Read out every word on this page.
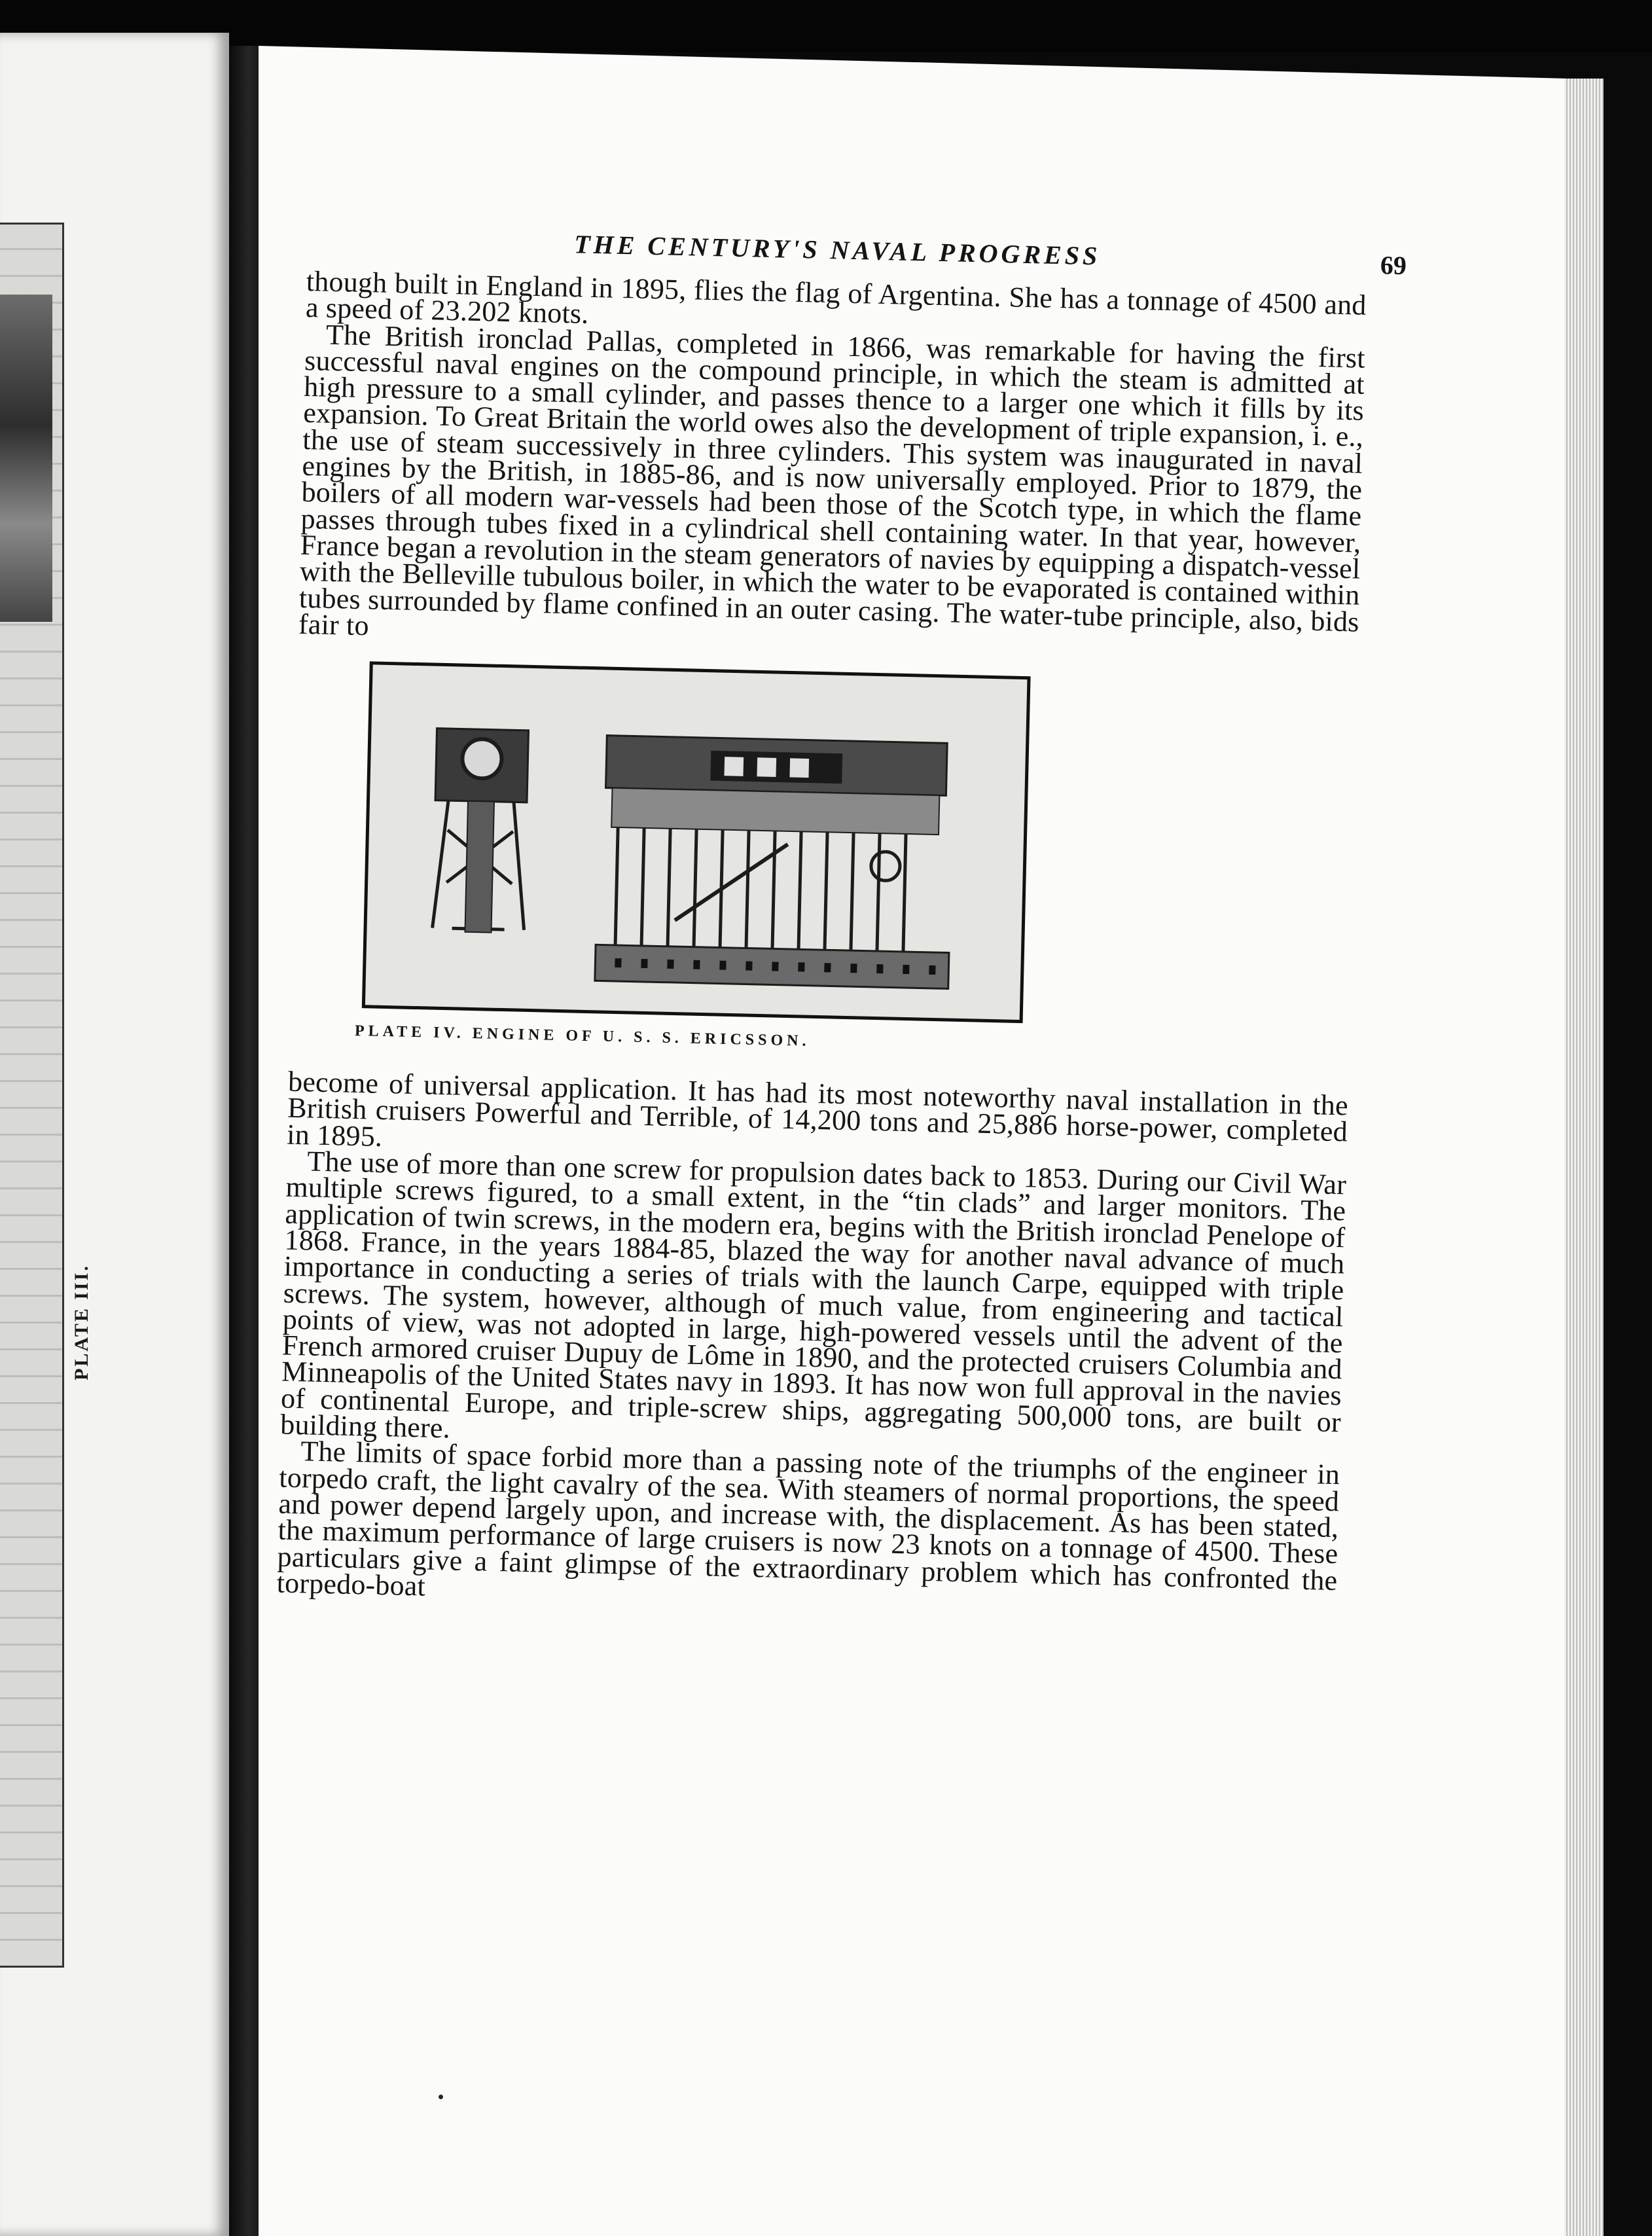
PLATE III.
THE CENTURY'S NAVAL PROGRESS	69

though built in England in 1895, flies the flag of Argentina. She has a tonnage of 4500 and a speed of 23.202 knots.

The British ironclad Pallas, completed in 1866, was remarkable for having the first successful naval engines on the compound principle, in which the steam is admitted at high pressure to a small cylinder, and passes thence to a larger one which it fills by its expansion. To Great Britain the world owes also the development of triple expansion, i. e., the use of steam successively in three cylinders. This system was inaugurated in naval engines by the British, in 1885-86, and is now universally employed. Prior to 1879, the boilers of all modern war-vessels had been those of the Scotch type, in which the flame passes through tubes fixed in a cylindrical shell containing water. In that year, however, France began a revolution in the steam generators of navies by equipping a dispatch-vessel with the Belleville tubulous boiler, in which the water to be evaporated is contained within tubes surrounded by flame confined in an outer casing. The water-tube principle, also, bids fair to

PLATE IV. ENGINE OF U. S. S. ERICSSON.

become of universal application. It has had its most noteworthy naval installation in the British cruisers Powerful and Terrible, of 14,200 tons and 25,886 horse-power, completed in 1895.

The use of more than one screw for propulsion dates back to 1853. During our Civil War multiple screws figured, to a small extent, in the “tin clads” and larger monitors. The application of twin screws, in the modern era, begins with the British ironclad Penelope of 1868. France, in the years 1884-85, blazed the way for another naval advance of much importance in conducting a series of trials with the launch Carpe, equipped with triple screws. The system, however, although of much value, from engineering and tactical points of view, was not adopted in large, high-powered vessels until the advent of the French armored cruiser Dupuy de Lôme in 1890, and the protected cruisers Columbia and Minneapolis of the United States navy in 1893. It has now won full approval in the navies of continental Europe, and triple-screw ships, aggregating 500,000 tons, are built or building there.

The limits of space forbid more than a passing note of the triumphs of the engineer in torpedo craft, the light cavalry of the sea. With steamers of normal proportions, the speed and power depend largely upon, and increase with, the displacement. As has been stated, the maximum performance of large cruisers is now 23 knots on a tonnage of 4500. These particulars give a faint glimpse of the extraordinary problem which has confronted the torpedo-boat
